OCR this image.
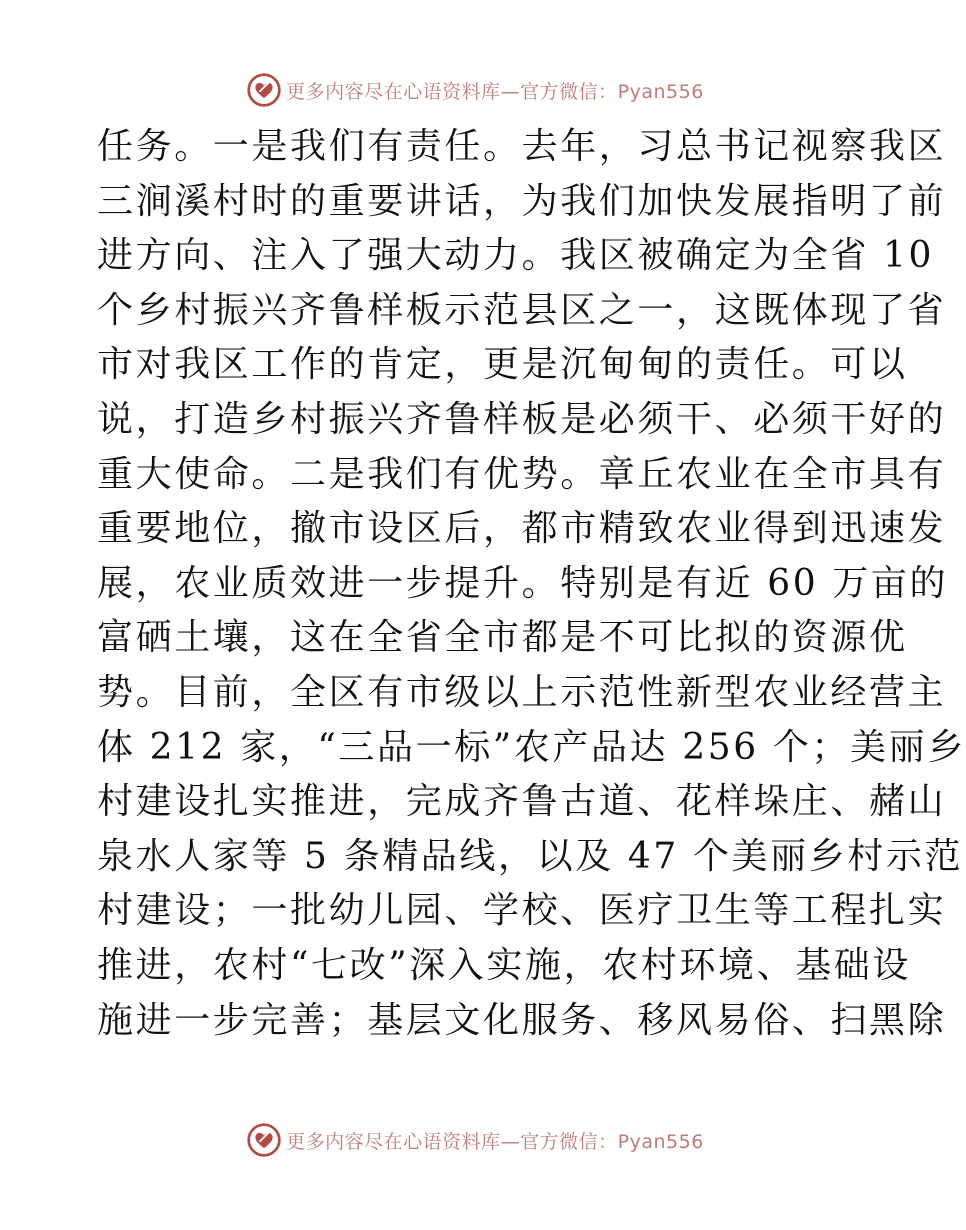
更多内容尽在心语资料库—官方微信：Pyan556
任务。一是我们有责任。去年，习总书记视察我区
三涧溪村时的重要讲话，为我们加快发展指明了前
进方向、注入了强大动力。我区被确定为全省 10
个乡村振兴齐鲁样板示范县区之一，这既体现了省
市对我区工作的肯定，更是沉甸甸的责任。可以
说，打造乡村振兴齐鲁样板是必须干、必须干好的
重大使命。二是我们有优势。章丘农业在全市具有
重要地位，撤市设区后，都市精致农业得到迅速发
展，农业质效进一步提升。特别是有近 60 万亩的
富硒土壤，这在全省全市都是不可比拟的资源优
势。目前，全区有市级以上示范性新型农业经营主
体 212 家，“三品一标”农产品达 256 个；美丽乡
村建设扎实推进，完成齐鲁古道、花样垛庄、赭山
泉水人家等 5 条精品线，以及 47 个美丽乡村示范
村建设；一批幼儿园、学校、医疗卫生等工程扎实
推进，农村“七改”深入实施，农村环境、基础设
施进一步完善；基层文化服务、移风易俗、扫黑除
更多内容尽在心语资料库—官方微信：Pyan556
